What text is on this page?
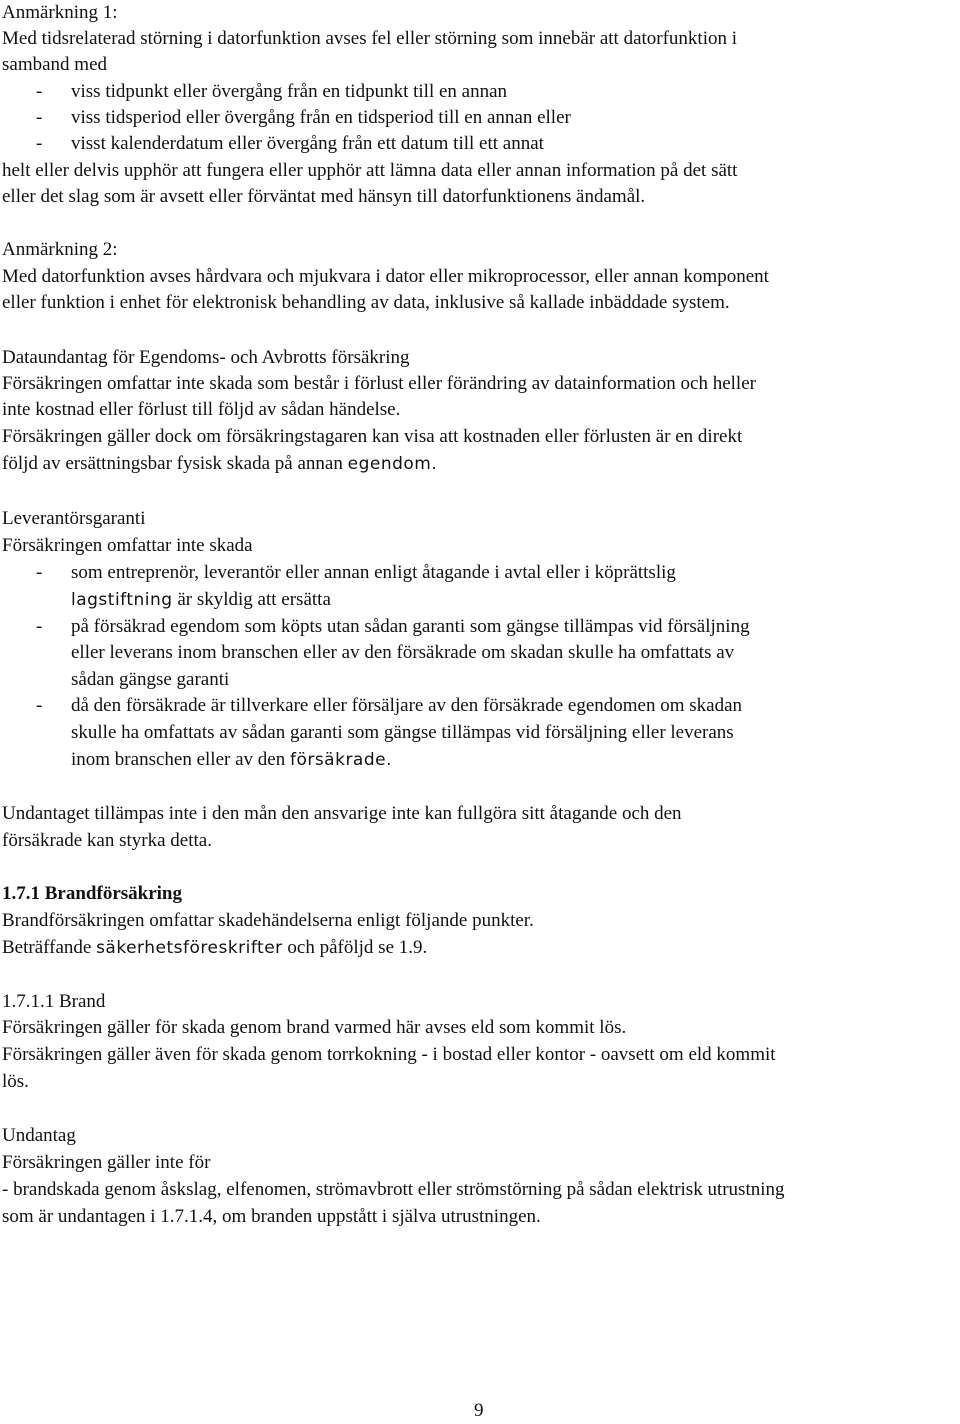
Anmärkning 1:
Med tidsrelaterad störning i datorfunktion avses fel eller störning som innebär att datorfunktion i
samband med
- viss tidpunkt eller övergång från en tidpunkt till en annan
- viss tidsperiod eller övergång från en tidsperiod till en annan eller
- visst kalenderdatum eller övergång från ett datum till ett annat
helt eller delvis upphör att fungera eller upphör att lämna data eller annan information på det sätt
eller det slag som är avsett eller förväntat med hänsyn till datorfunktionens ändamål.
Anmärkning 2:
Med datorfunktion avses hårdvara och mjukvara i dator eller mikroprocessor, eller annan komponent
eller funktion i enhet för elektronisk behandling av data, inklusive så kallade inbäddade system.
Dataundantag för Egendoms- och Avbrotts försäkring
Försäkringen omfattar inte skada som består i förlust eller förändring av datainformation och heller
inte kostnad eller förlust till följd av sådan händelse.
Försäkringen gäller dock om försäkringstagaren kan visa att kostnaden eller förlusten är en direkt
följd av ersättningsbar fysisk skada på annan egendom.
Leverantörsgaranti
Försäkringen omfattar inte skada
- som entreprenör, leverantör eller annan enligt åtagande i avtal eller i köprättslig
lagstiftning är skyldig att ersätta
- på försäkrad egendom som köpts utan sådan garanti som gängse tillämpas vid försäljning
eller leverans inom branschen eller av den försäkrade om skadan skulle ha omfattats av
sådan gängse garanti
- då den försäkrade är tillverkare eller försäljare av den försäkrade egendomen om skadan
skulle ha omfattats av sådan garanti som gängse tillämpas vid försäljning eller leverans
inom branschen eller av den försäkrade.
Undantaget tillämpas inte i den mån den ansvarige inte kan fullgöra sitt åtagande och den
försäkrade kan styrka detta.
1.7.1 Brandförsäkring
Brandförsäkringen omfattar skadehändelserna enligt följande punkter.
Beträffande säkerhetsföreskrifter och påföljd se 1.9.
1.7.1.1 Brand
Försäkringen gäller för skada genom brand varmed här avses eld som kommit lös.
Försäkringen gäller även för skada genom torrkokning - i bostad eller kontor - oavsett om eld kommit
lös.
Undantag
Försäkringen gäller inte för
- brandskada genom åskslag, elfenomen, strömavbrott eller strömstörning på sådan elektrisk utrustning
som är undantagen i 1.7.1.4, om branden uppstått i själva utrustningen.
9
